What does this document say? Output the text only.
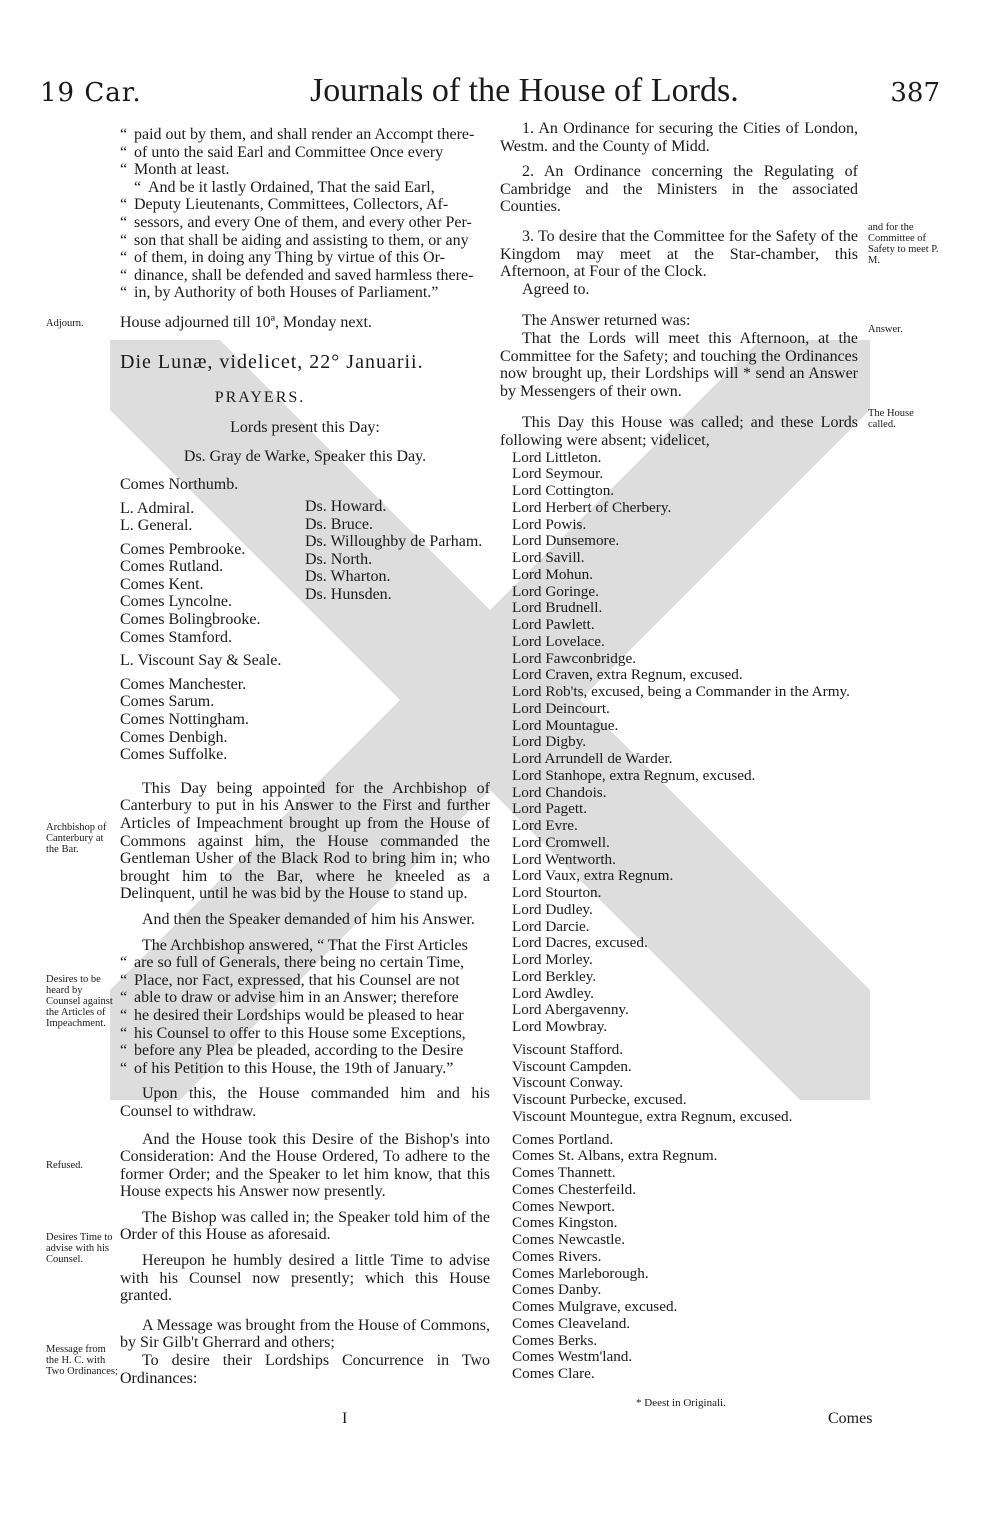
19 Car.	Journals of the House of Lords.	387
Adjourn.
Archbishop of Canterbury at the Bar.
Desires to be heard by Counsel against the Articles of Impeachment.
Refused.
Desires Time to advise with his Counsel.
Message from the H. C. with Two Ordinances;
“ paid out by them, and shall render an Accompt there-
“ of unto the said Earl and Committee Once every
“ Month at least.
“ And be it lastly Ordained, That the said Earl,
“ Deputy Lieutenants, Committees, Collectors, Af-
“ sessors, and every One of them, and every other Per-
“ son that shall be aiding and assisting to them, or any
“ of them, in doing any Thing by virtue of this Or-
“ dinance, shall be defended and saved harmless there-
“ in, by Authority of both Houses of Parliament.”
House adjourned till 10ª, Monday next.
Die Lunæ, videlicet, 22° Januarii.
PRAYERS.
Lords present this Day:
Ds. Gray de Warke, Speaker this Day.
Comes Northumb.
L. Admiral.
L. General.
Comes Pembrooke.
Comes Rutland.
Comes Kent.
Comes Lyncolne.
Comes Bolingbrooke.
Comes Stamford.
L. Viscount Say & Seale.
Comes Manchester.
Comes Sarum.
Comes Nottingham.
Comes Denbigh.
Comes Suffolke.
Ds. Howard.
Ds. Bruce.
Ds. Willoughby de Parham.
Ds. North.
Ds. Wharton.
Ds. Hunsden.

This Day being appointed for the Archbishop of Canterbury to put in his Answer to the First and further Articles of Impeachment brought up from the House of Commons against him, the House commanded the Gentleman Usher of the Black Rod to bring him in; who brought him to the Bar, where he kneeled as a Delinquent, until he was bid by the House to stand up.

And then the Speaker demanded of him his Answer.

The Archbishop answered, “ That the First Articles
“ are so full of Generals, there being no certain Time,
“ Place, nor Fact, expressed, that his Counsel are not
“ able to draw or advise him in an Answer; therefore
“ he desired their Lordships would be pleased to hear
“ his Counsel to offer to this House some Exceptions,
“ before any Plea be pleaded, according to the Desire
“ of his Petition to this House, the 19th of January.”

Upon this, the House commanded him and his Counsel to withdraw.

And the House took this Desire of the Bishop's into Consideration: And the House Ordered, To adhere to the former Order; and the Speaker to let him know, that this House expects his Answer now presently.

The Bishop was called in; the Speaker told him of the Order of this House as aforesaid.

Hereupon he humbly desired a little Time to advise with his Counsel now presently; which this House granted.

A Message was brought from the House of Commons, by Sir Gilb't Gherrard and others;

To desire their Lordships Concurrence in Two Ordinances:

and for the Committee of Safety to meet P. M.
Answer.
The House called.

1. An Ordinance for securing the Cities of London, Westm. and the County of Midd.

2. An Ordinance concerning the Regulating of Cambridge and the Ministers in the associated Counties.

3. To desire that the Committee for the Safety of the Kingdom may meet at the Star-chamber, this Afternoon, at Four of the Clock.

Agreed to.

The Answer returned was:

That the Lords will meet this Afternoon, at the Committee for the Safety; and touching the Ordinances now brought up, their Lordships will * send an Answer by Messengers of their own.

This Day this House was called; and these Lords following were absent; videlicet,

Lord Littleton.
Lord Seymour.
Lord Cottington.
Lord Herbert of Cherbery.
Lord Powis.
Lord Dunsemore.
Lord Savill.
Lord Mohun.
Lord Goringe.
Lord Brudnell.
Lord Pawlett.
Lord Lovelace.
Lord Fawconbridge.
Lord Craven, extra Regnum, excused.
Lord Rob'ts, excused, being a Commander in the Army.
Lord Deincourt.
Lord Mountague.
Lord Digby.
Lord Arrundell de Warder.
Lord Stanhope, extra Regnum, excused.
Lord Chandois.
Lord Pagett.
Lord Evre.
Lord Cromwell.
Lord Wentworth.
Lord Vaux, extra Regnum.
Lord Stourton.
Lord Dudley.
Lord Darcie.
Lord Dacres, excused.
Lord Morley.
Lord Berkley.
Lord Awdley.
Lord Abergavenny.
Lord Mowbray.
Viscount Stafford.
Viscount Campden.
Viscount Conway.
Viscount Purbecke, excused.
Viscount Mountegue, extra Regnum, excused.
Comes Portland.
Comes St. Albans, extra Regnum.
Comes Thannett.
Comes Chesterfeild.
Comes Newport.
Comes Kingston.
Comes Newcastle.
Comes Rivers.
Comes Marleborough.
Comes Danby.
Comes Mulgrave, excused.
Comes Cleaveland.
Comes Berks.
Comes Westm'land.
Comes Clare.
* Deest in Originali.
I	Comes
